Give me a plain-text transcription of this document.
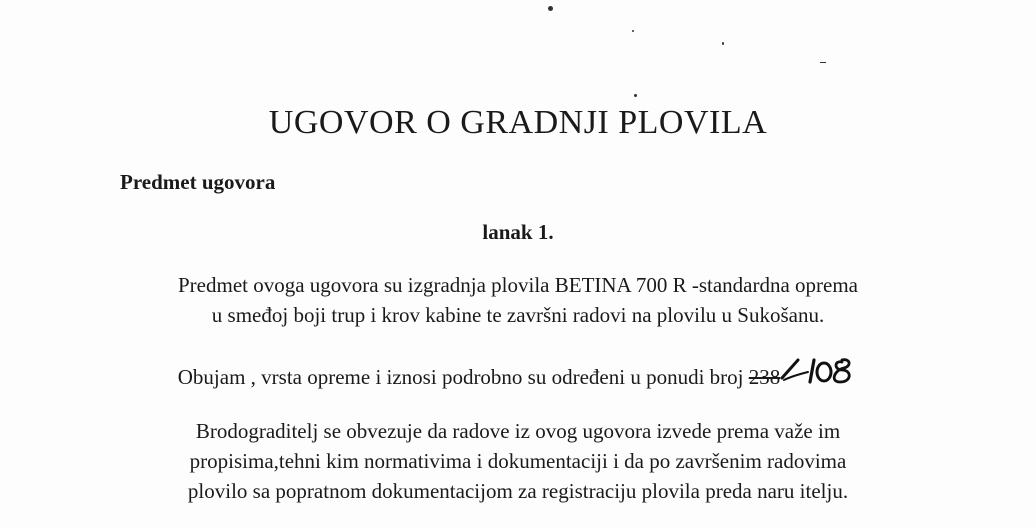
UGOVOR O GRADNJI PLOVILA
Predmet ugovora
lanak 1.

Predmet ovoga ugovora su izgradnja plovila BETINA 700 R -standardna oprema
u smeđoj boji trup i krov kabine te završni radovi na plovilu u Sukošanu.

Obujam , vrsta opreme i iznosi podrobno su određeni u ponudi broj 238
108

Brodograditelj se obvezuje da radove iz ovog ugovora izvede prema važe im
propisima,tehni kim normativima i dokumentaciji i da po završenim radovima
plovilo sa popratnom dokumentacijom za registraciju plovila preda naru itelju.
